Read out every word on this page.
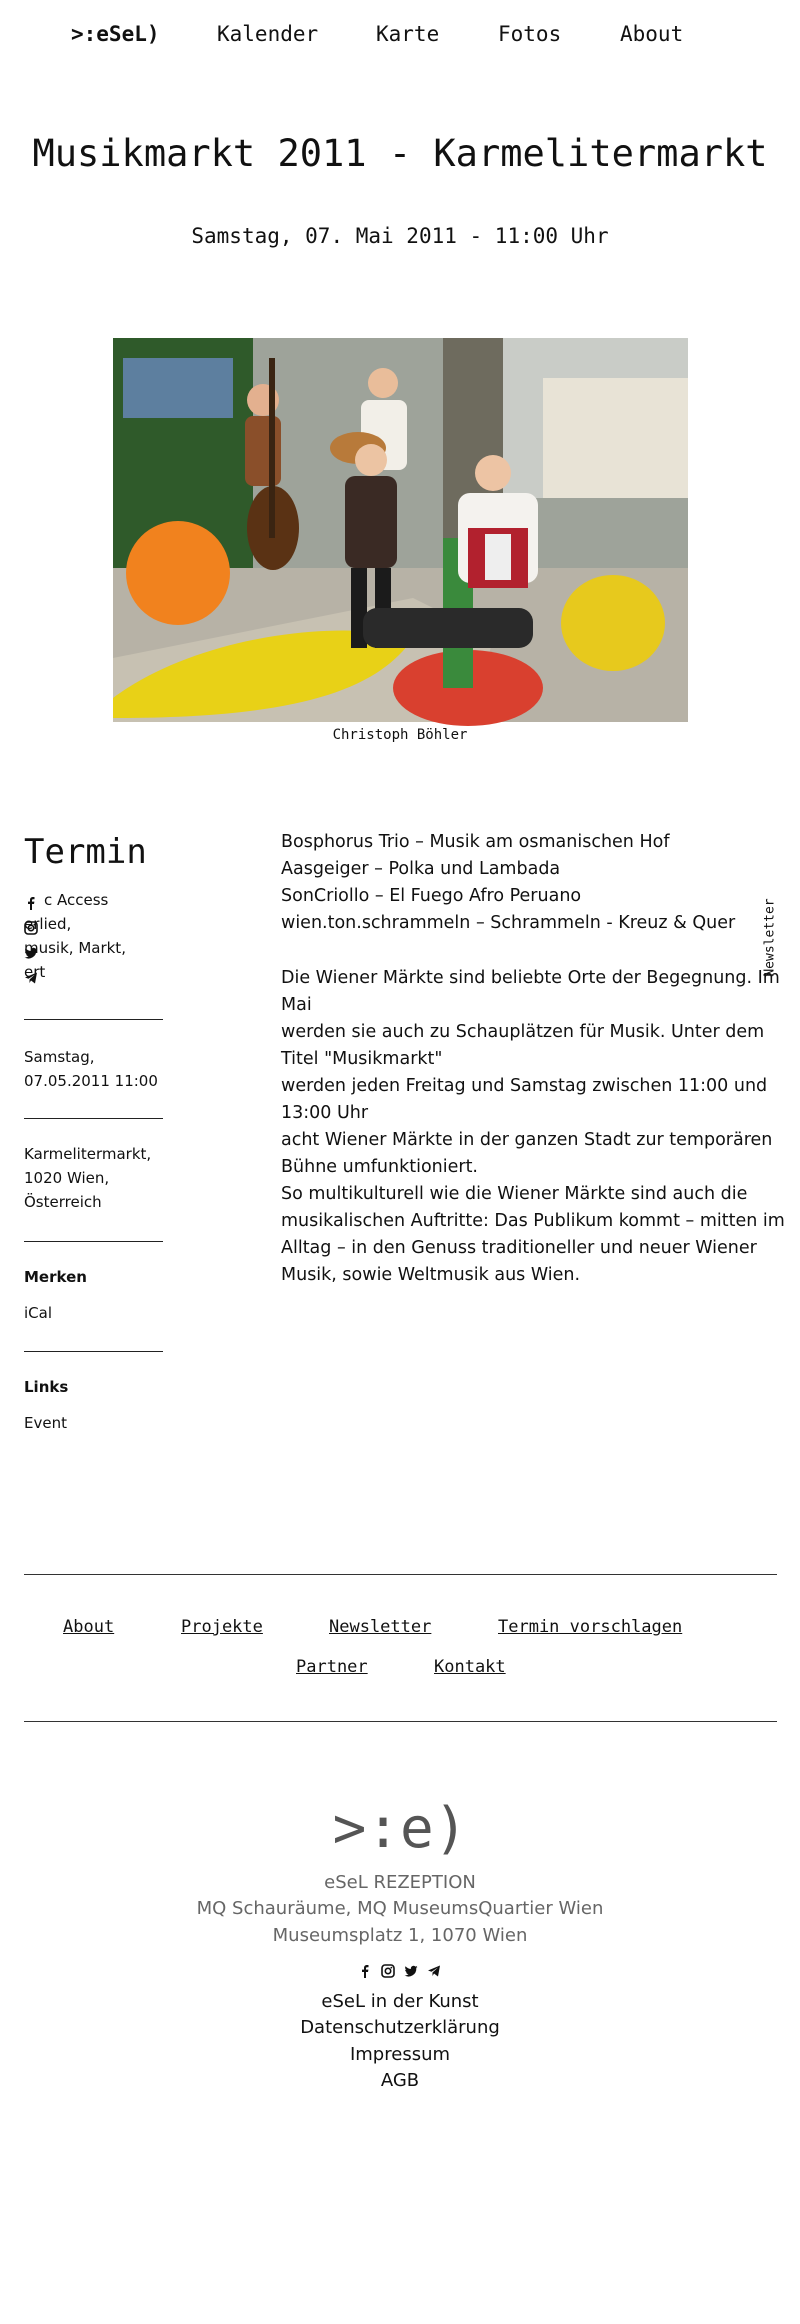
>:eSeL)	Kalender	Karte	Fotos	About
Musikmarkt 2011 - Karmelitermarkt
Samstag, 07. Mai 2011 - 11:00 Uhr
Christoph Böhler
Termin
c Access
erlied,
musik, Markt,
ert
Samstag,
07.05.2011 11:00
Karmelitermarkt,
1020 Wien,
Österreich
Merken
iCal
Links
Event
Bosphorus Trio – Musik am osmanischen Hof
Aasgeiger – Polka und Lambada
SonCriollo – El Fuego Afro Peruano
wien.ton.schrammeln – Schrammeln - Kreuz & Quer
Die Wiener Märkte sind beliebte Orte der Begegnung. Im
Mai
werden sie auch zu Schauplätzen für Musik. Unter dem
Titel "Musikmarkt"
werden jeden Freitag und Samstag zwischen 11:00 und
13:00 Uhr
acht Wiener Märkte in der ganzen Stadt zur temporären
Bühne umfunktioniert.
So multikulturell wie die Wiener Märkte sind auch die
musikalischen Auftritte: Das Publikum kommt – mitten im
Alltag – in den Genuss traditioneller und neuer Wiener
Musik, sowie Weltmusik aus Wien.
Newsletter
About	Projekte	Newsletter	Termin vorschlagen
Partner	Kontakt
>:e)
eSeL REZEPTION
MQ Schauräume, MQ MuseumsQuartier Wien
Museumsplatz 1, 1070 Wien
eSeL in der Kunst
Datenschutzerklärung
Impressum
AGB
